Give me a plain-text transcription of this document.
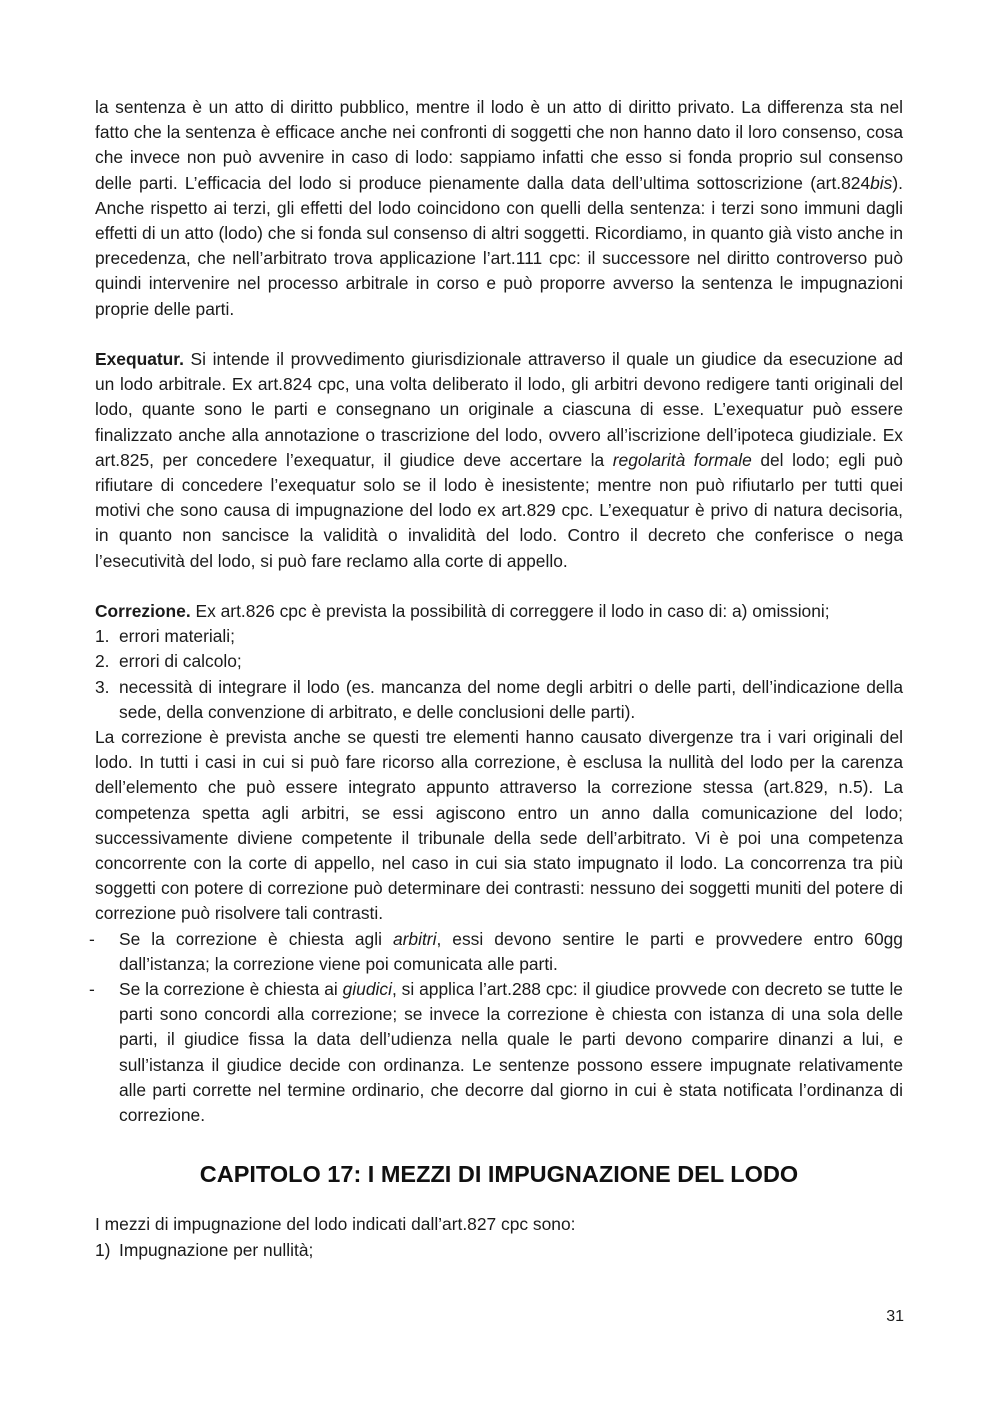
la sentenza è un atto di diritto pubblico, mentre il lodo è un atto di diritto privato. La differenza sta nel fatto che la sentenza è efficace anche nei confronti di soggetti che non hanno dato il loro consenso, cosa che invece non può avvenire in caso di lodo: sappiamo infatti che esso si fonda proprio sul consenso delle parti. L’efficacia del lodo si produce pienamente dalla data dell’ultima sottoscrizione (art.824bis). Anche rispetto ai terzi, gli effetti del lodo coincidono con quelli della sentenza: i terzi sono immuni dagli effetti di un atto (lodo) che si fonda sul consenso di altri soggetti. Ricordiamo, in quanto già visto anche in precedenza, che nell’arbitrato trova applicazione l’art.111 cpc: il successore nel diritto controverso può quindi intervenire nel processo arbitrale in corso e può proporre avverso la sentenza le impugnazioni proprie delle parti.

Exequatur. Si intende il provvedimento giurisdizionale attraverso il quale un giudice da esecuzione ad un lodo arbitrale. Ex art.824 cpc, una volta deliberato il lodo, gli arbitri devono redigere tanti originali del lodo, quante sono le parti e consegnano un originale a ciascuna di esse. L’exequatur può essere finalizzato anche alla annotazione o trascrizione del lodo, ovvero all’iscrizione dell’ipoteca giudiziale. Ex art.825, per concedere l’exequatur, il giudice deve accertare la regolarità formale del lodo; egli può rifiutare di concedere l’exequatur solo se il lodo è inesistente; mentre non può rifiutarlo per tutti quei motivi che sono causa di impugnazione del lodo ex art.829 cpc. L’exequatur è privo di natura decisoria, in quanto non sancisce la validità o invalidità del lodo. Contro il decreto che conferisce o nega l’esecutività del lodo, si può fare reclamo alla corte di appello.

Correzione. Ex art.826 cpc è prevista la possibilità di correggere il lodo in caso di: a) omissioni;

1. errori materiali;
2. errori di calcolo;
3. necessità di integrare il lodo (es. mancanza del nome degli arbitri o delle parti, dell’indicazione della sede, della convenzione di arbitrato, e delle conclusioni delle parti).

La correzione è prevista anche se questi tre elementi hanno causato divergenze tra i vari originali del lodo. In tutti i casi in cui si può fare ricorso alla correzione, è esclusa la nullità del lodo per la carenza dell’elemento che può essere integrato appunto attraverso la correzione stessa (art.829, n.5). La competenza spetta agli arbitri, se essi agiscono entro un anno dalla comunicazione del lodo; successivamente diviene competente il tribunale della sede dell’arbitrato. Vi è poi una competenza concorrente con la corte di appello, nel caso in cui sia stato impugnato il lodo. La concorrenza tra più soggetti con potere di correzione può determinare dei contrasti: nessuno dei soggetti muniti del potere di correzione può risolvere tali contrasti.

- Se la correzione è chiesta agli arbitri, essi devono sentire le parti e provvedere entro 60gg dall’istanza; la correzione viene poi comunicata alle parti.
- Se la correzione è chiesta ai giudici, si applica l’art.288 cpc: il giudice provvede con decreto se tutte le parti sono concordi alla correzione; se invece la correzione è chiesta con istanza di una sola delle parti, il giudice fissa la data dell’udienza nella quale le parti devono comparire dinanzi a lui, e sull’istanza il giudice decide con ordinanza. Le sentenze possono essere impugnate relativamente alle parti corrette nel termine ordinario, che decorre dal giorno in cui è stata notificata l’ordinanza di correzione.
CAPITOLO 17: I MEZZI DI IMPUGNAZIONE DEL LODO

I mezzi di impugnazione del lodo indicati dall’art.827 cpc sono:

1) Impugnazione per nullità;
31
